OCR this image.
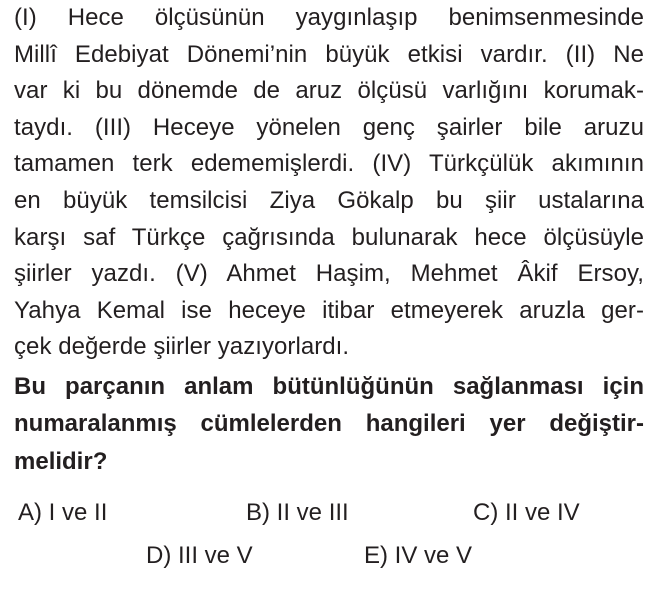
(I) Hece ölçüsünün yaygınlaşıp benimsenmesinde
Millî Edebiyat Dönemi’nin büyük etkisi vardır. (II) Ne
var ki bu dönemde de aruz ölçüsü varlığını korumak-
taydı. (III) Heceye yönelen genç şairler bile aruzu
tamamen terk edememişlerdi. (IV) Türkçülük akımının
en büyük temsilcisi Ziya Gökalp bu şiir ustalarına
karşı saf Türkçe çağrısında bulunarak hece ölçüsüyle
şiirler yazdı. (V) Ahmet Haşim, Mehmet Âkif Ersoy,
Yahya Kemal ise heceye itibar etmeyerek aruzla ger-
çek değerde şiirler yazıyorlardı.
Bu parçanın anlam bütünlüğünün sağlanması için
numaralanmış cümlelerden hangileri yer değiştir-
melidir?
A) I ve II	B) II ve III	C) II ve IV
D) III ve V	E) IV ve V
